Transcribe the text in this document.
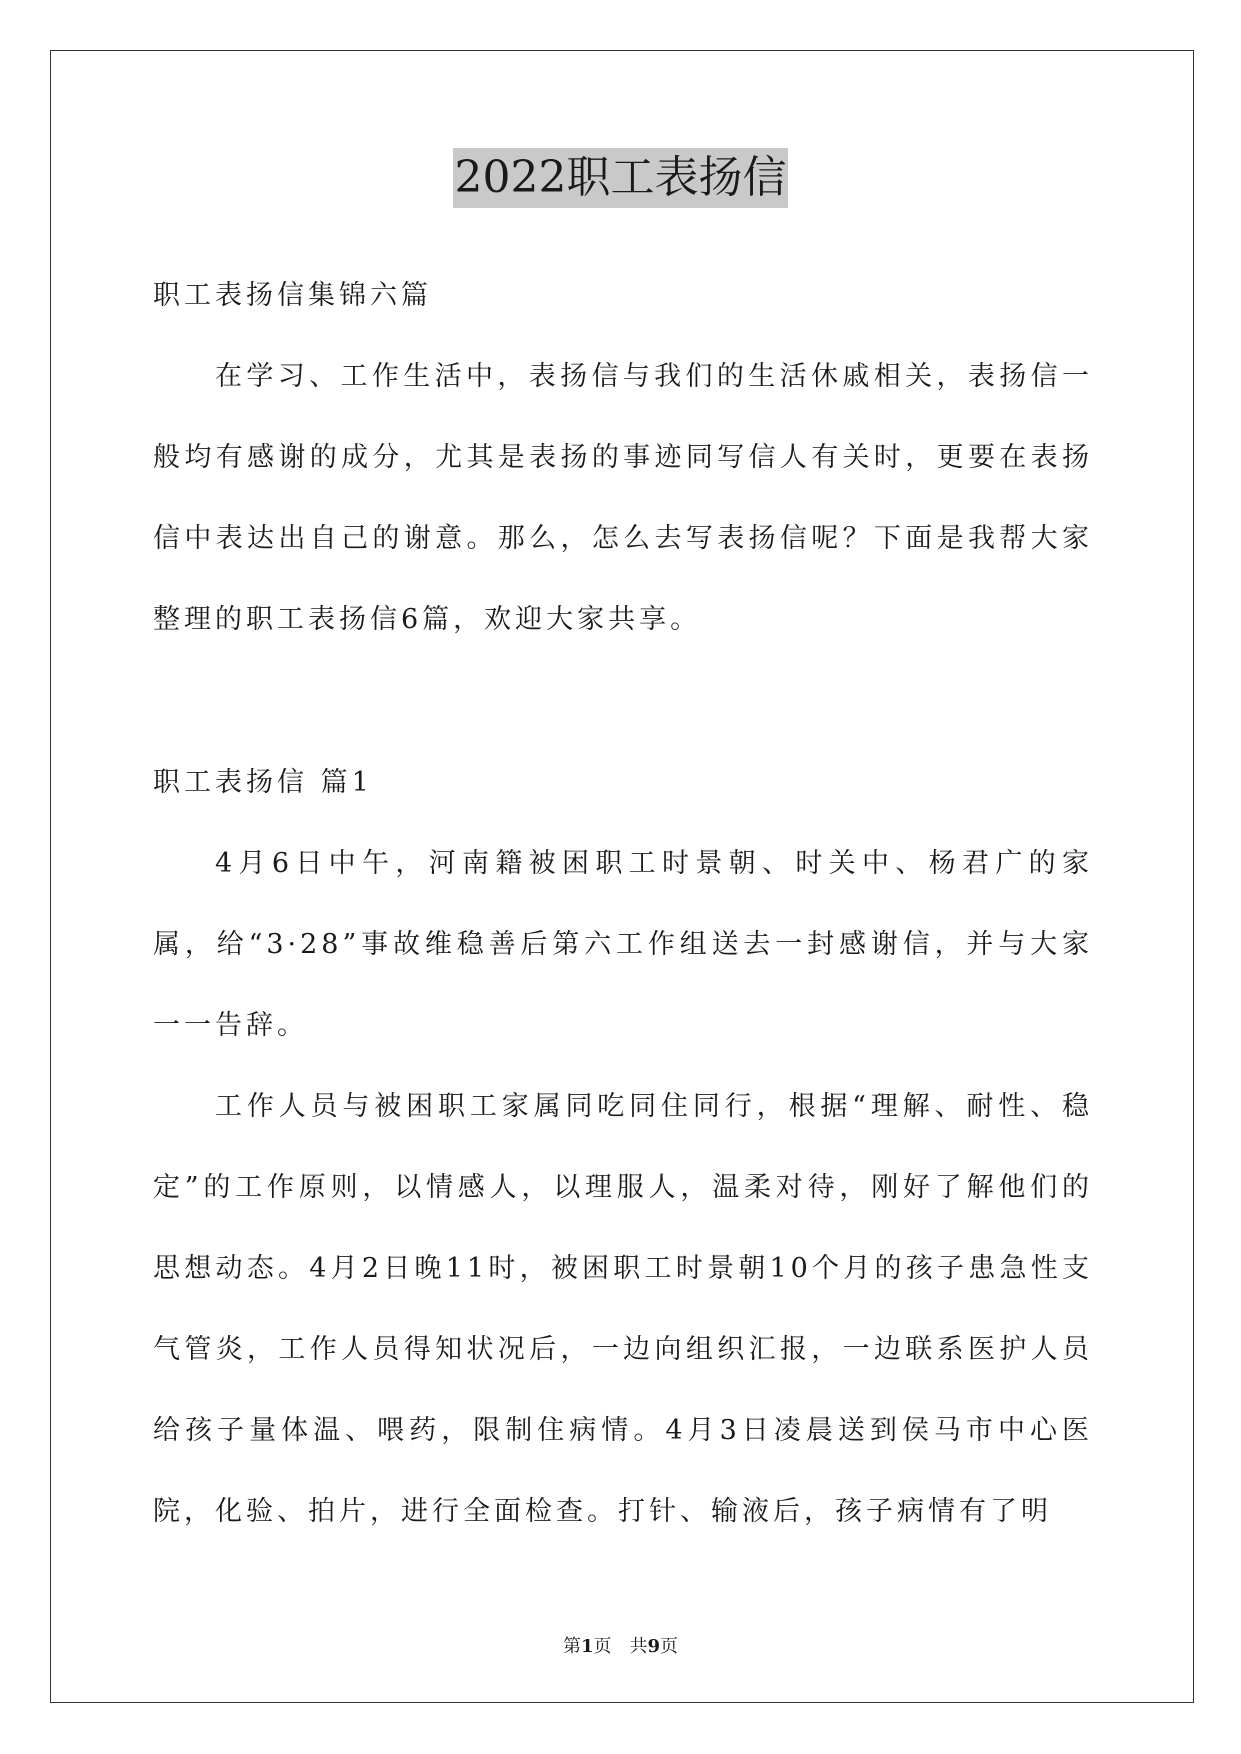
2022职工表扬信

职工表扬信集锦六篇

在学习、工作生活中，表扬信与我们的生活休戚相关，表扬信一般均有感谢的成分，尤其是表扬的事迹同写信人有关时，更要在表扬信中表达出自己的谢意。那么，怎么去写表扬信呢？下面是我帮大家整理的职工表扬信6篇，欢迎大家共享。

职工表扬信 篇1

4月6日中午，河南籍被困职工时景朝、时关中、杨君广的家属，给“3·28”事故维稳善后第六工作组送去一封感谢信，并与大家一一告辞。

工作人员与被困职工家属同吃同住同行，根据“理解、耐性、稳定”的工作原则，以情感人，以理服人，温柔对待，刚好了解他们的思想动态。4月2日晚11时，被困职工时景朝10个月的孩子患急性支气管炎，工作人员得知状况后，一边向组织汇报，一边联系医护人员给孩子量体温、喂药，限制住病情。4月3日凌晨送到侯马市中心医院，化验、拍片，进行全面检查。打针、输液后，孩子病情有了明

第1页　共9页
